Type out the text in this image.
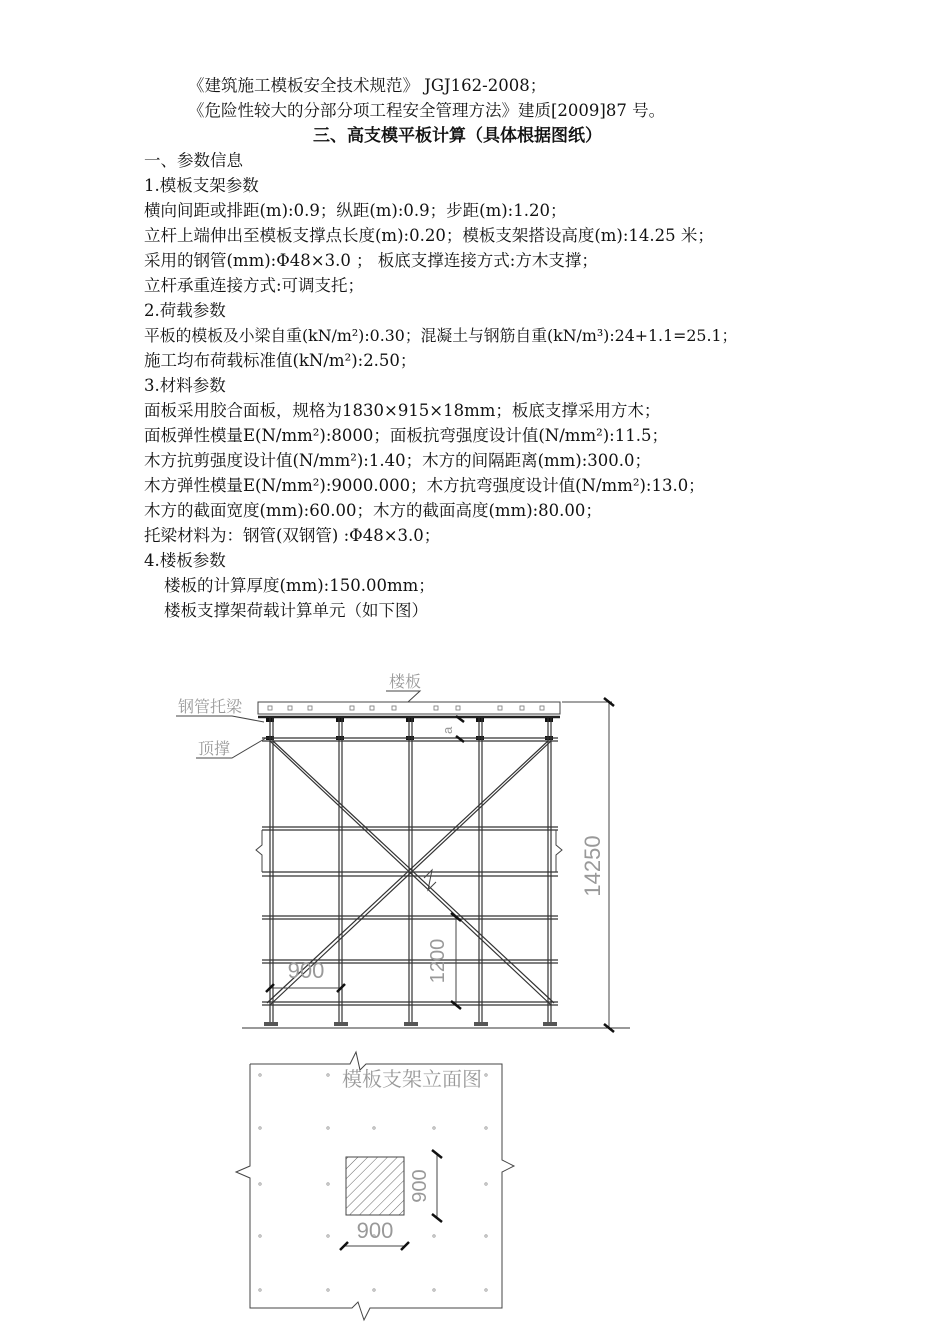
《建筑施工模板安全技术规范》 JGJ162-2008；
《危险性较大的分部分项工程安全管理方法》建质[2009]87 号。
三、高支模平板计算（具体根据图纸）
一、参数信息
1.模板支架参数
横向间距或排距(m):0.9；纵距(m):0.9；步距(m):1.20；
立杆上端伸出至模板支撑点长度(m):0.20；模板支架搭设高度(m):14.25 米；
采用的钢管(mm):Φ48×3.0 ； 板底支撑连接方式:方木支撑；
立杆承重连接方式:可调支托；
2.荷载参数
平板的模板及小梁自重(kN/m²):0.30；混凝土与钢筋自重(kN/m³):24+1.1=25.1；
施工均布荷载标准值(kN/m²):2.50；
3.材料参数
面板采用胶合面板，规格为1830×915×18mm；板底支撑采用方木；
面板弹性模量E(N/mm²):8000；面板抗弯强度设计值(N/mm²):11.5；
木方抗剪强度设计值(N/mm²):1.40；木方的间隔距离(mm):300.0；
木方弹性模量E(N/mm²):9000.000；木方抗弯强度设计值(N/mm²):13.0；
木方的截面宽度(mm):60.00；木方的截面高度(mm):80.00；
托梁材料为：钢管(双钢管) :Φ48×3.0；
4.楼板参数
楼板的计算厚度(mm):150.00mm；
楼板支撑架荷载计算单元（如下图）
楼板
钢管托梁
顶撑
a
14250
1200
900
模板支架立面图
900
900
